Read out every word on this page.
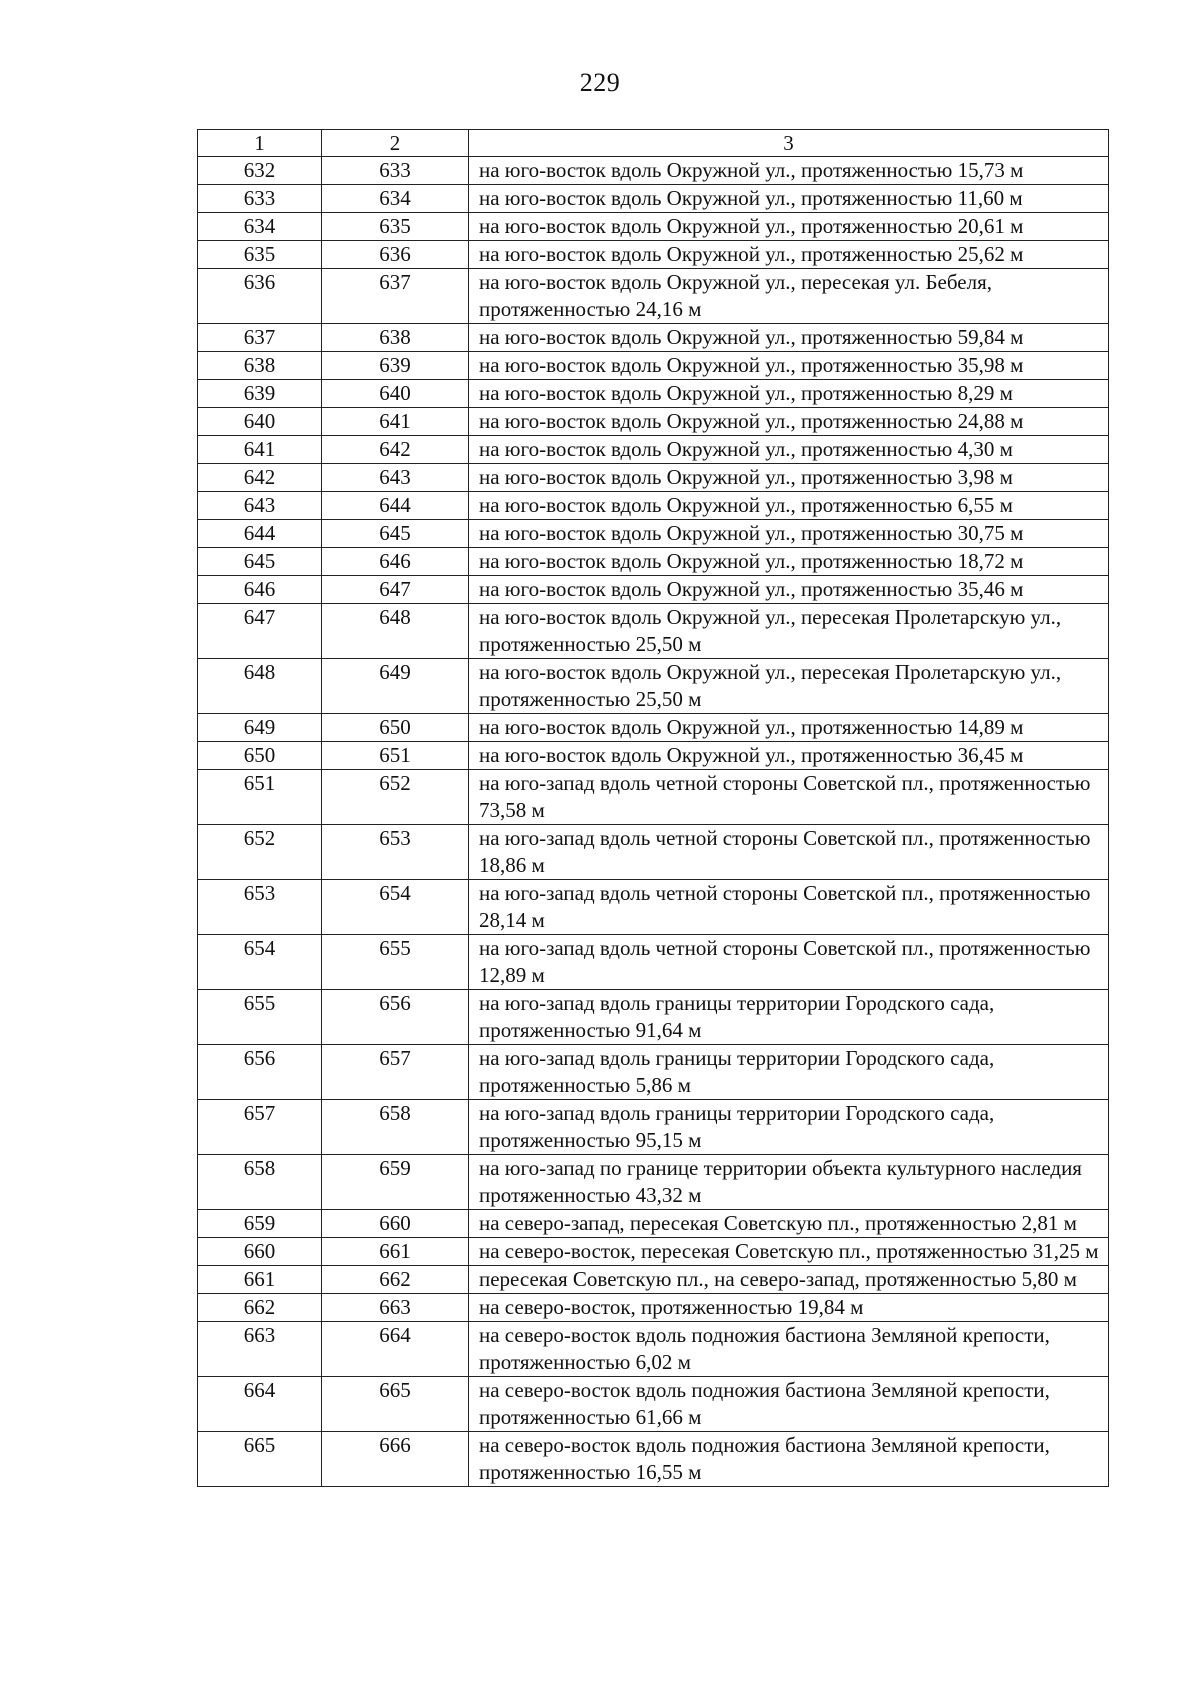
229
1	2	3
632	633	на юго-восток вдоль Окружной ул., протяженностью 15,73 м
633	634	на юго-восток вдоль Окружной ул., протяженностью 11,60 м
634	635	на юго-восток вдоль Окружной ул., протяженностью 20,61 м
635	636	на юго-восток вдоль Окружной ул., протяженностью 25,62 м
636	637	на юго-восток вдоль Окружной ул., пересекая ул. Бебеля, протяженностью 24,16 м
637	638	на юго-восток вдоль Окружной ул., протяженностью 59,84 м
638	639	на юго-восток вдоль Окружной ул., протяженностью 35,98 м
639	640	на юго-восток вдоль Окружной ул., протяженностью 8,29 м
640	641	на юго-восток вдоль Окружной ул., протяженностью 24,88 м
641	642	на юго-восток вдоль Окружной ул., протяженностью 4,30 м
642	643	на юго-восток вдоль Окружной ул., протяженностью 3,98 м
643	644	на юго-восток вдоль Окружной ул., протяженностью 6,55 м
644	645	на юго-восток вдоль Окружной ул., протяженностью 30,75 м
645	646	на юго-восток вдоль Окружной ул., протяженностью 18,72 м
646	647	на юго-восток вдоль Окружной ул., протяженностью 35,46 м
647	648	на юго-восток вдоль Окружной ул., пересекая Пролетарскую ул., протяженностью 25,50 м
648	649	на юго-восток вдоль Окружной ул., пересекая Пролетарскую ул., протяженностью 25,50 м
649	650	на юго-восток вдоль Окружной ул., протяженностью 14,89 м
650	651	на юго-восток вдоль Окружной ул., протяженностью 36,45 м
651	652	на юго-запад вдоль четной стороны Советской пл., протяженностью 73,58 м
652	653	на юго-запад вдоль четной стороны Советской пл., протяженностью 18,86 м
653	654	на юго-запад вдоль четной стороны Советской пл., протяженностью 28,14 м
654	655	на юго-запад вдоль четной стороны Советской пл., протяженностью 12,89 м
655	656	на юго-запад вдоль границы территории Городского сада, протяженностью 91,64 м
656	657	на юго-запад вдоль границы территории Городского сада, протяженностью 5,86 м
657	658	на юго-запад вдоль границы территории Городского сада, протяженностью 95,15 м
658	659	на юго-запад по границе территории объекта культурного наследия протяженностью 43,32 м
659	660	на северо-запад, пересекая Советскую пл., протяженностью 2,81 м
660	661	на северо-восток, пересекая Советскую пл., протяженностью 31,25 м
661	662	пересекая Советскую пл., на северо-запад, протяженностью 5,80 м
662	663	на северо-восток, протяженностью 19,84 м
663	664	на северо-восток вдоль подножия бастиона Земляной крепости, протяженностью 6,02 м
664	665	на северо-восток вдоль подножия бастиона Земляной крепости, протяженностью 61,66 м
665	666	на северо-восток вдоль подножия бастиона Земляной крепости, протяженностью 16,55 м
